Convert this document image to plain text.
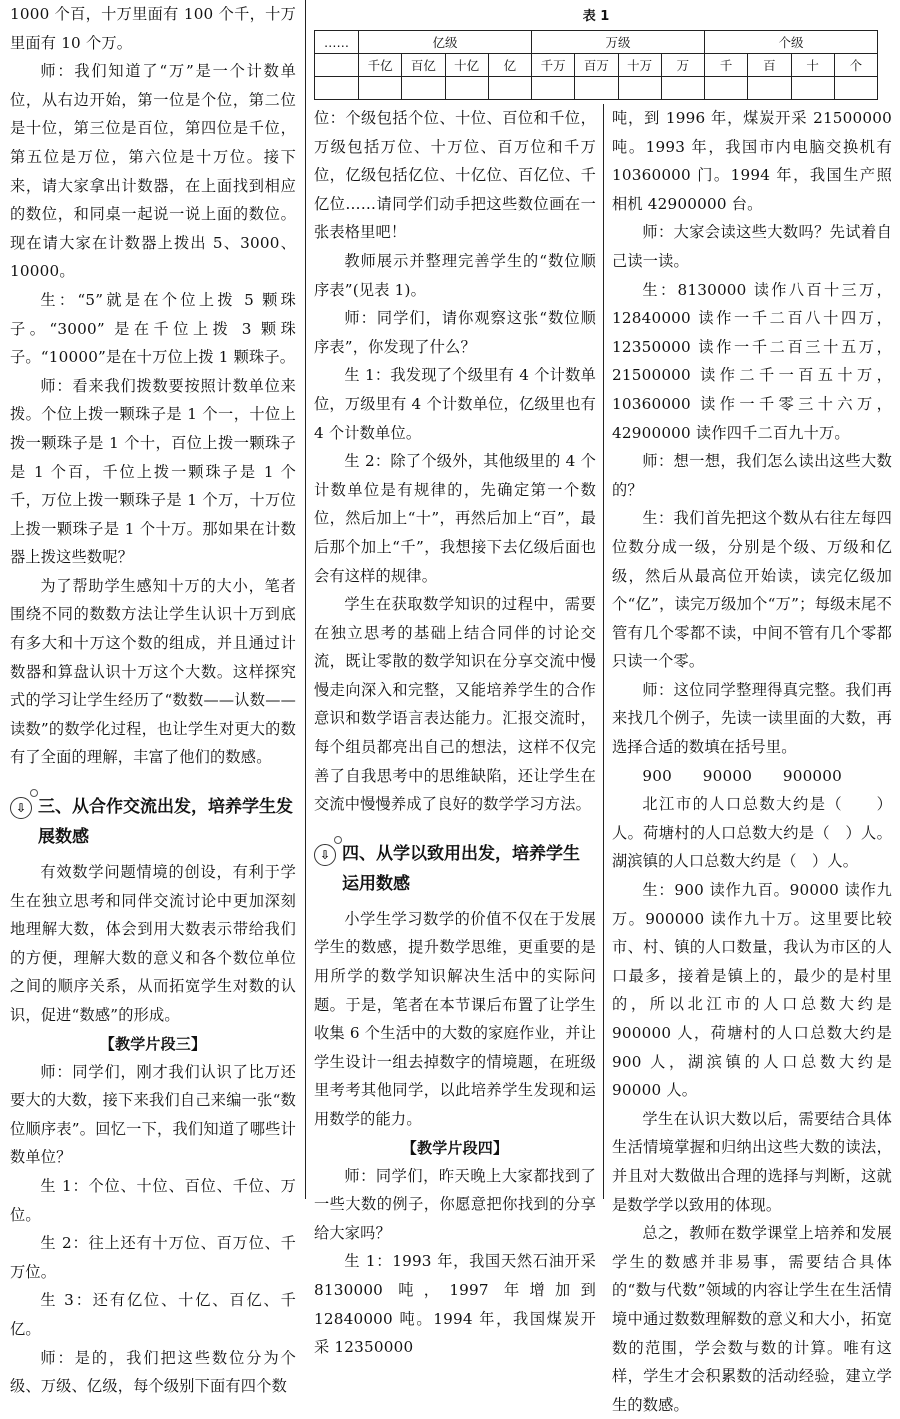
1000 个百，十万里面有 100 个千，十万里面有 10 个万。

师：我们知道了“万”是一个计数单位，从右边开始，第一位是个位，第二位是十位，第三位是百位，第四位是千位，第五位是万位，第六位是十万位。接下来，请大家拿出计数器，在上面找到相应的数位，和同桌一起说一说上面的数位。现在请大家在计数器上拨出 5、3000、10000。

生：“5”就是在个位上拨 5 颗珠子。“3000” 是在千位上拨 3 颗珠子。“10000”是在十万位上拨 1 颗珠子。

师：看来我们拨数要按照计数单位来拨。个位上拨一颗珠子是 1 个一，十位上拨一颗珠子是 1 个十，百位上拨一颗珠子是 1 个百，千位上拨一颗珠子是 1 个千，万位上拨一颗珠子是 1 个万，十万位上拨一颗珠子是 1 个十万。那如果在计数器上拨这些数呢？

为了帮助学生感知十万的大小，笔者围绕不同的数数方法让学生认识十万到底有多大和十万这个数的组成，并且通过计数器和算盘认识十万这个大数。这样探究式的学习让学生经历了“数数——认数——读数”的数学化过程，也让学生对更大的数有了全面的理解，丰富了他们的数感。

⇩ 三、从合作交流出发，培养学生发展数感

有效数学问题情境的创设，有利于学生在独立思考和同伴交流讨论中更加深刻地理解大数，体会到用大数表示带给我们的方便，理解大数的意义和各个数位单位之间的顺序关系，从而拓宽学生对数的认识，促进“数感”的形成。

【教学片段三】

师：同学们，刚才我们认识了比万还要大的大数，接下来我们自己来编一张“数位顺序表”。回忆一下，我们知道了哪些计数单位？

生 1：个位、十位、百位、千位、万位。

生 2：往上还有十万位、百万位、千万位。

生 3：还有亿位、十亿、百亿、千亿。

师：是的，我们把这些数位分为个级、万级、亿级，每个级别下面有四个数

表 1
……	亿级				万级				个级			
	千亿	百亿	十亿	亿	千万	百万	十万	万	千	百	十	个

位：个级包括个位、十位、百位和千位，万级包括万位、十万位、百万位和千万位，亿级包括亿位、十亿位、百亿位、千亿位……请同学们动手把这些数位画在一张表格里吧！

教师展示并整理完善学生的“数位顺序表”(见表 1)。

师：同学们，请你观察这张“数位顺序表”，你发现了什么？

生 1：我发现了个级里有 4 个计数单位，万级里有 4 个计数单位，亿级里也有 4 个计数单位。

生 2：除了个级外，其他级里的 4 个计数单位是有规律的，先确定第一个数位，然后加上“十”，再然后加上“百”，最后那个加上“千”，我想接下去亿级后面也会有这样的规律。

学生在获取数学知识的过程中，需要在独立思考的基础上结合同伴的讨论交流，既让零散的数学知识在分享交流中慢慢走向深入和完整，又能培养学生的合作意识和数学语言表达能力。汇报交流时，每个组员都亮出自己的想法，这样不仅完善了自我思考中的思维缺陷，还让学生在交流中慢慢养成了良好的数学学习方法。

⇩ 四、从学以致用出发，培养学生运用数感

小学生学习数学的价值不仅在于发展学生的数感，提升数学思维，更重要的是用所学的数学知识解决生活中的实际问题。于是，笔者在本节课后布置了让学生收集 6 个生活中的大数的家庭作业，并让学生设计一组去掉数字的情境题，在班级里考考其他同学，以此培养学生发现和运用数学的能力。

【教学片段四】

师：同学们，昨天晚上大家都找到了一些大数的例子，你愿意把你找到的分享给大家吗？

生 1：1993 年，我国天然石油开采 8130000 吨，1997 年增加到 12840000 吨。1994 年，我国煤炭开采 12350000

吨，到 1996 年，煤炭开采 21500000 吨。1993 年，我国市内电脑交换机有 10360000 门。1994 年，我国生产照相机 42900000 台。

师：大家会读这些大数吗？先试着自己读一读。

生：8130000 读作八百十三万，12840000 读作一千二百八十四万，12350000 读作一千二百三十五万，21500000 读作二千一百五十万，10360000 读作一千零三十六万，42900000 读作四千二百九十万。

师：想一想，我们怎么读出这些大数的？

生：我们首先把这个数从右往左每四位数分成一级，分别是个级、万级和亿级，然后从最高位开始读，读完亿级加个“亿”，读完万级加个“万”；每级末尾不管有几个零都不读，中间不管有几个零都只读一个零。

师：这位同学整理得真完整。我们再来找几个例子，先读一读里面的大数，再选择合适的数填在括号里。

900　　90000　　900000

北江市的人口总数大约是（　　）人。荷塘村的人口总数大约是（　）人。湖滨镇的人口总数大约是（　）人。

生：900 读作九百。90000 读作九万。900000 读作九十万。这里要比较市、村、镇的人口数量，我认为市区的人口最多，接着是镇上的，最少的是村里的，所以北江市的人口总数大约是 900000 人，荷塘村的人口总数大约是 900 人，湖滨镇的人口总数大约是 90000 人。

学生在认识大数以后，需要结合具体生活情境掌握和归纳出这些大数的读法，并且对大数做出合理的选择与判断，这就是数学学以致用的体现。

总之，教师在数学课堂上培养和发展学生的数感并非易事，需要结合具体的“数与代数”领域的内容让学生在生活情境中通过数数理解数的意义和大小，拓宽数的范围，学会数与数的计算。唯有这样，学生才会积累数的活动经验，建立学生的数感。
